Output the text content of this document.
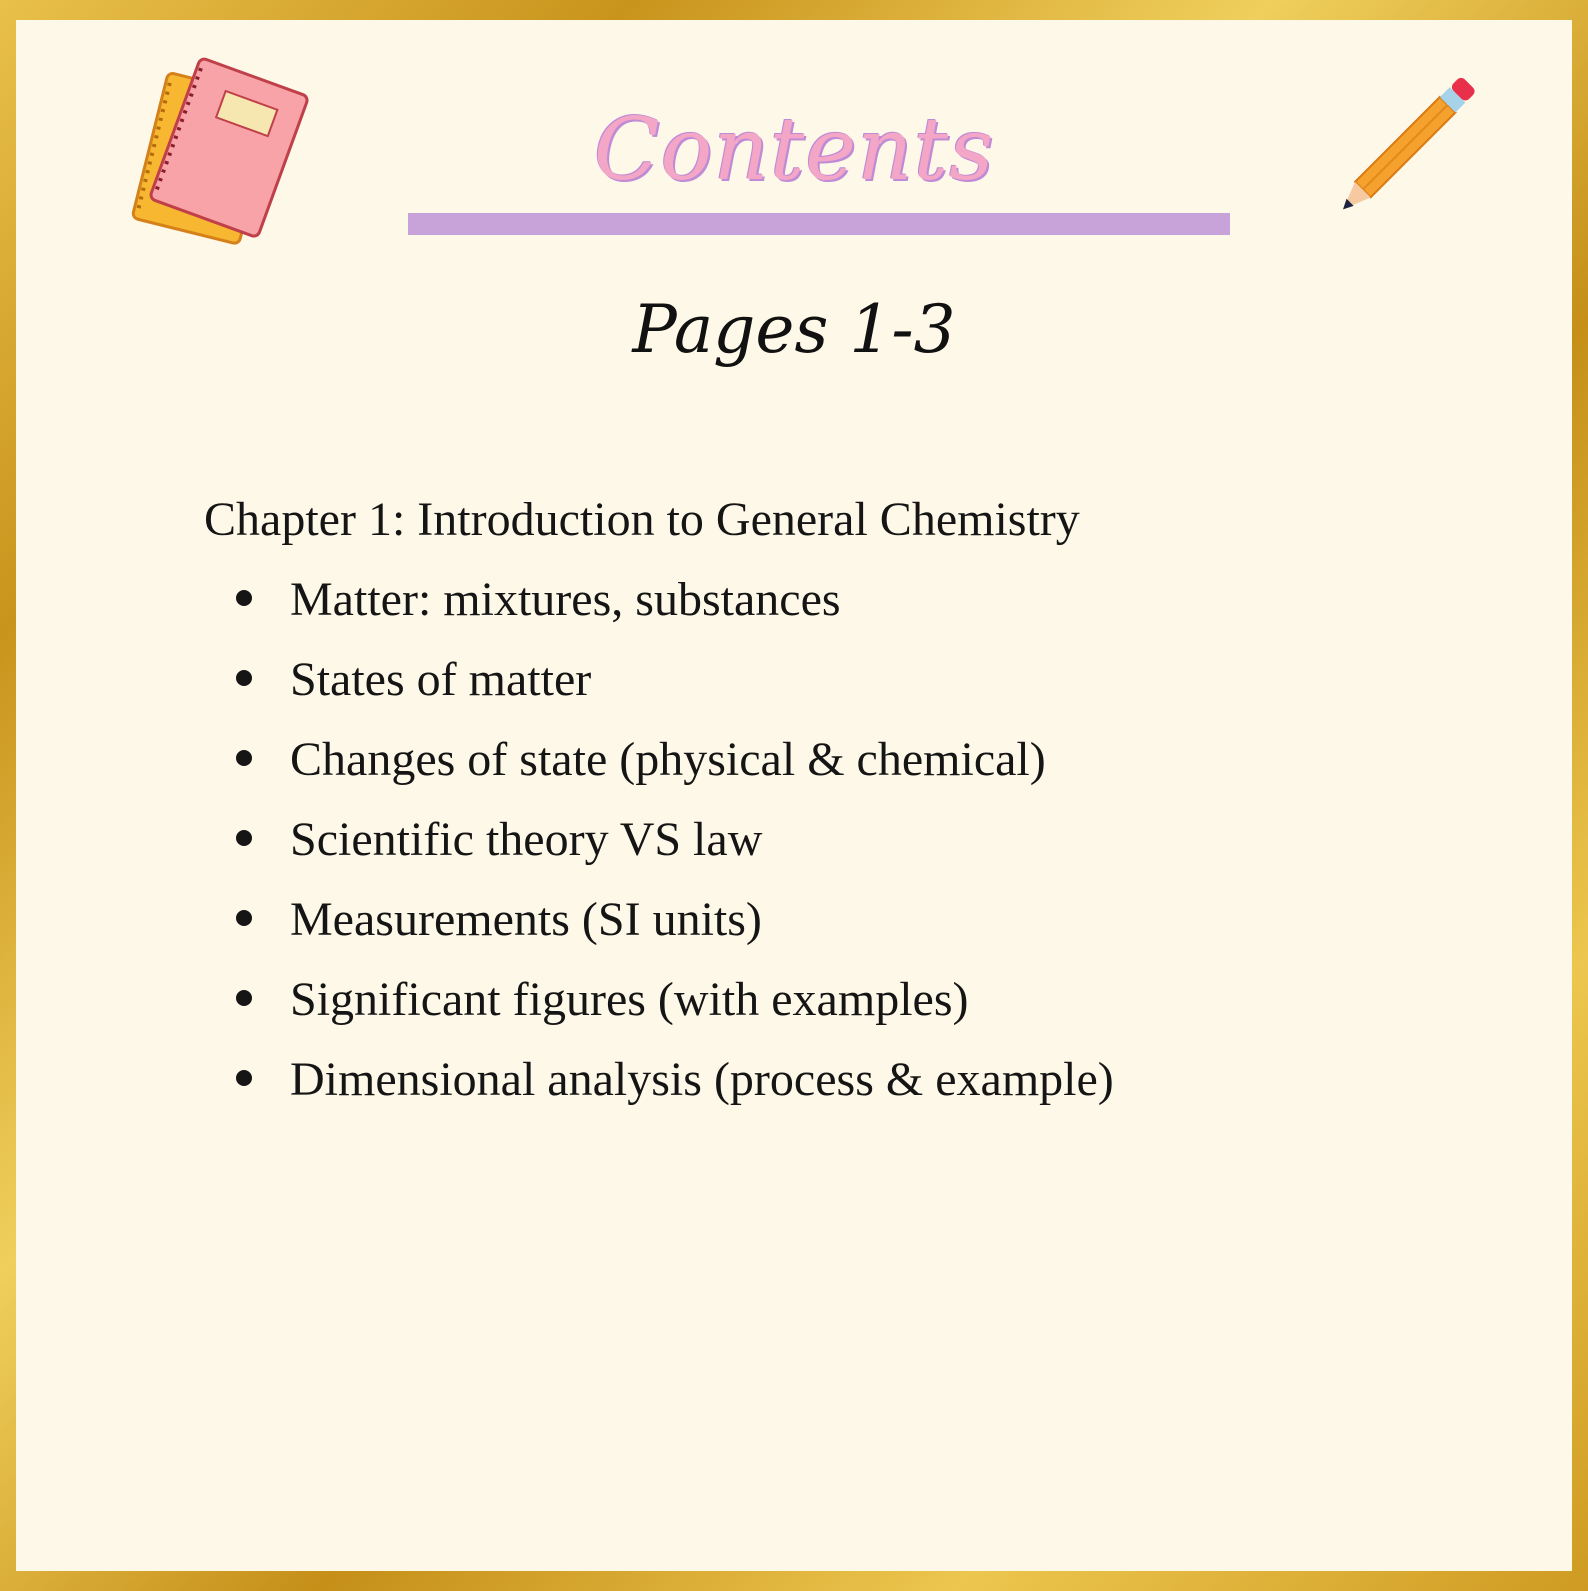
Contents
Pages 1-3
Chapter 1: Introduction to General Chemistry
Matter: mixtures, substances
States of matter
Changes of state (physical & chemical)
Scientific theory VS law
Measurements (SI units)
Significant figures (with examples)
Dimensional analysis (process & example)
